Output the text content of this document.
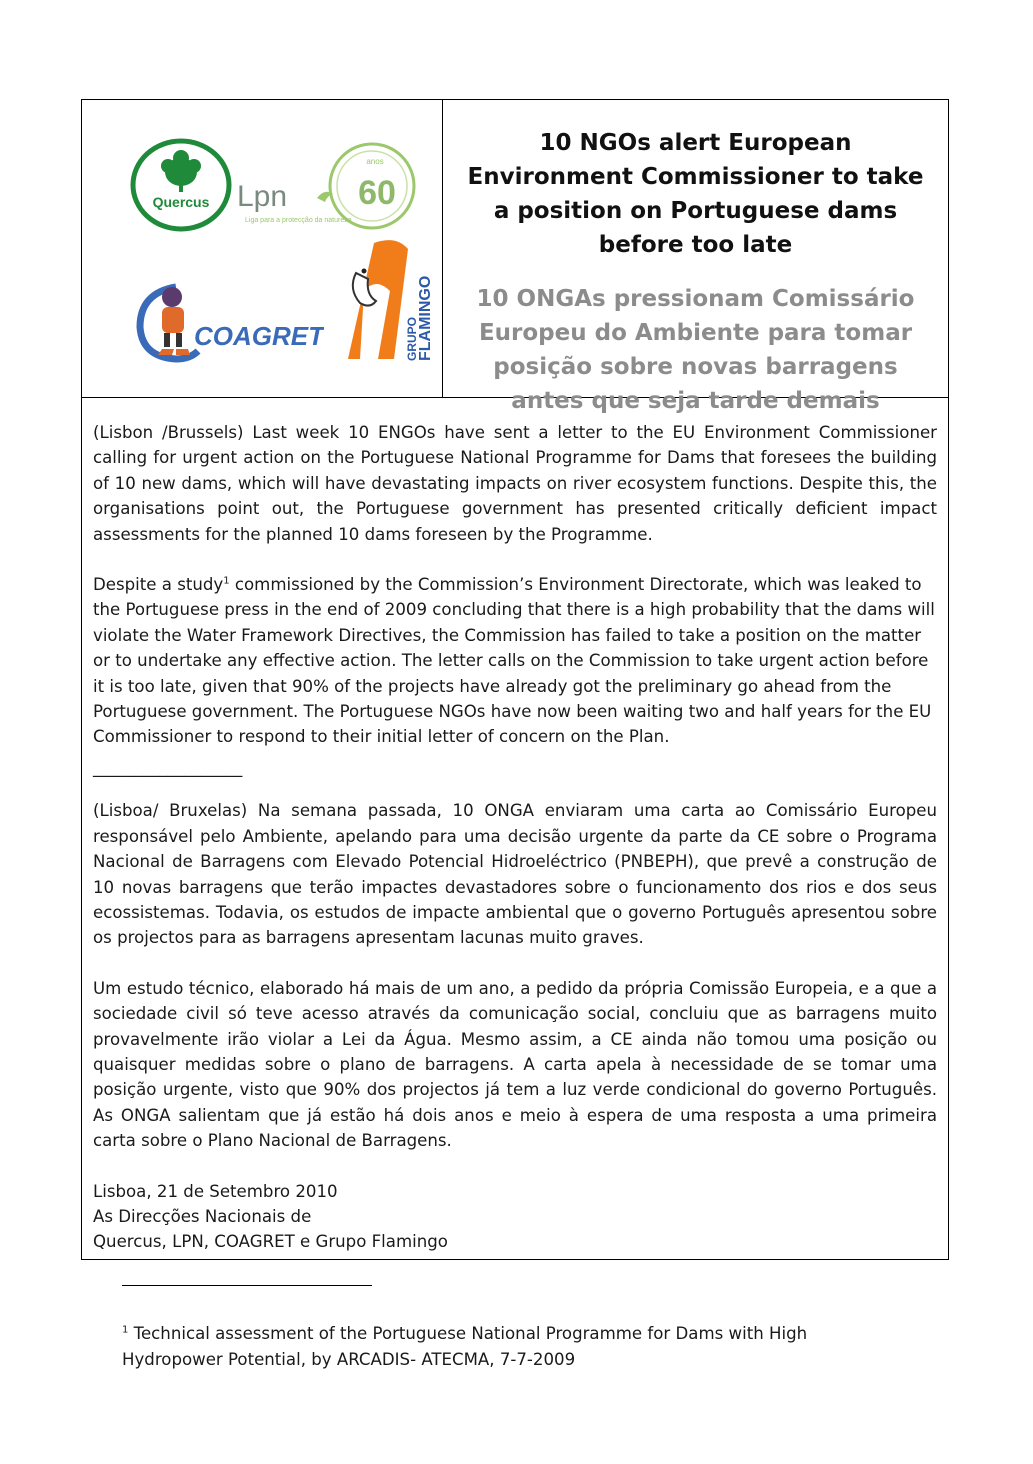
Quercus Lpn
Liga para a protecção da natureza
anos
60
COAGRET	GRUPO
FLAMINGO
10 NGOs alert European Environment Commissioner to take a position on Portuguese dams before too late
10 ONGAs pressionam Comissário Europeu do Ambiente para tomar posição sobre novas barragens antes que seja tarde demais

(Lisbon /Brussels) Last week 10 ENGOs have sent a letter to the EU Environment Commissioner calling for urgent action on the Portuguese National Programme for Dams that foresees the building of 10 new dams, which will have devastating impacts on river ecosystem functions. Despite this, the organisations point out, the Portuguese government has presented critically deficient impact assessments for the planned 10 dams foreseen by the Programme.

Despite a study$^1$ commissioned by the Commission’s Environment Directorate, which was leaked to the Portuguese press in the end of 2009 concluding that there is a high probability that the dams will violate the Water Framework Directives, the Commission has failed to take a position on the matter or to undertake any effective action. The letter calls on the Commission to take urgent action before it is too late, given that 90% of the projects have already got the preliminary go ahead from the Portuguese government. The Portuguese NGOs have now been waiting two and half years for the EU Commissioner to respond to their initial letter of concern on the Plan.

__________________

(Lisboa/ Bruxelas) Na semana passada, 10 ONGA enviaram uma carta ao Comissário Europeu responsável pelo Ambiente, apelando para uma decisão urgente da parte da CE sobre o Programa Nacional de Barragens com Elevado Potencial Hidroeléctrico (PNBEPH), que prevê a construção de 10 novas barragens que terão impactes devastadores sobre o funcionamento dos rios e dos seus ecossistemas. Todavia, os estudos de impacte ambiental que o governo Português apresentou sobre os projectos para as barragens apresentam lacunas muito graves.

Um estudo técnico, elaborado há mais de um ano, a pedido da própria Comissão Europeia, e a que a sociedade civil só teve acesso através da comunicação social, concluiu que as barragens muito provavelmente irão violar a Lei da Água. Mesmo assim, a CE ainda não tomou uma posição ou quaisquer medidas sobre o plano de barragens. A carta apela à necessidade de se tomar uma posição urgente, visto que 90% dos projectos já tem a luz verde condicional do governo Português. As ONGA salientam que já estão há dois anos e meio à espera de uma resposta a uma primeira carta sobre o Plano Nacional de Barragens.

Lisboa, 21 de Setembro 2010
As Direcções Nacionais de
Quercus, LPN, COAGRET e Grupo Flamingo
$^1$ Technical assessment of the Portuguese National Programme for Dams with High Hydropower Potential, by ARCADIS- ATECMA, 7-7-2009
